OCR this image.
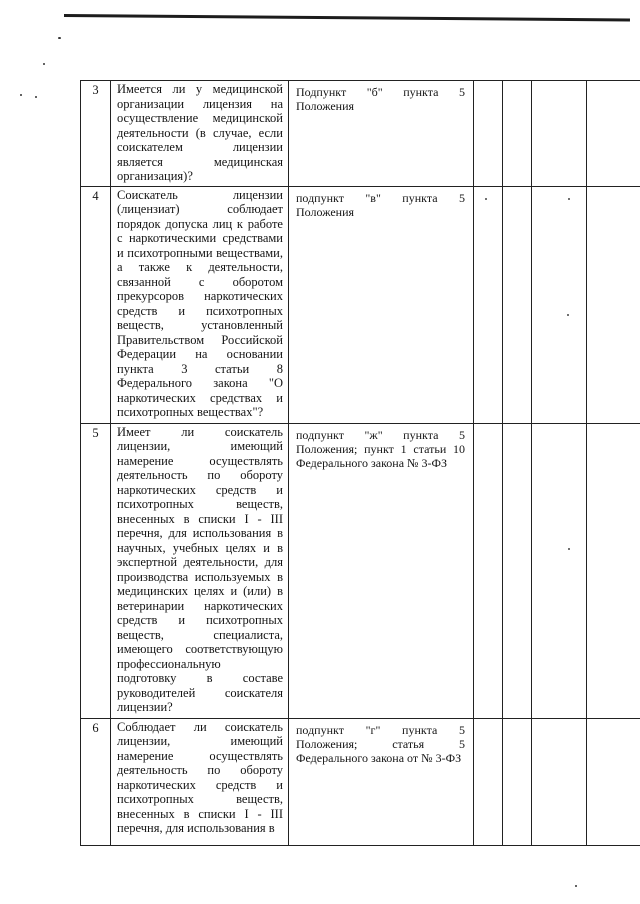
3	Имеется ли у медицинской организации лицензия на осуществление медицинской деятельности (в случае, если соискателем лицензии является медицинская организация)?	Подпункт "б" пункта 5 Положения				
4	Соискатель лицензии (лицензиат) соблюдает порядок допуска лиц к работе с наркотическими средствами и психотропными веществами, а также к деятельности, связанной с оборотом прекурсоров наркотических средств и психотропных веществ, установленный Правительством Российской Федерации на основании пункта 3 статьи 8 Федерального закона "О наркотических средствах и психотропных веществах"?	подпункт "в" пункта 5 Положения				
5	Имеет ли соискатель лицензии, имеющий намерение осуществлять деятельность по обороту наркотических средств и психотропных веществ, внесенных в списки I - III перечня, для использования в научных, учебных целях и в экспертной деятельности, для производства используемых в медицинских целях и (или) в ветеринарии наркотических средств и психотропных веществ, специалиста, имеющего соответствующую профессиональную подготовку в составе руководителей соискателя лицензии?	подпункт "ж" пункта 5 Положения; пункт 1 статьи 10 Федерального закона № 3-ФЗ				
6	Соблюдает ли соискатель лицензии, имеющий намерение осуществлять деятельность по обороту наркотических средств и психотропных веществ, внесенных в списки I - III перечня, для использования в	подпункт "г" пункта 5 Положения; статья 5 Федерального закона от № 3-ФЗ				
